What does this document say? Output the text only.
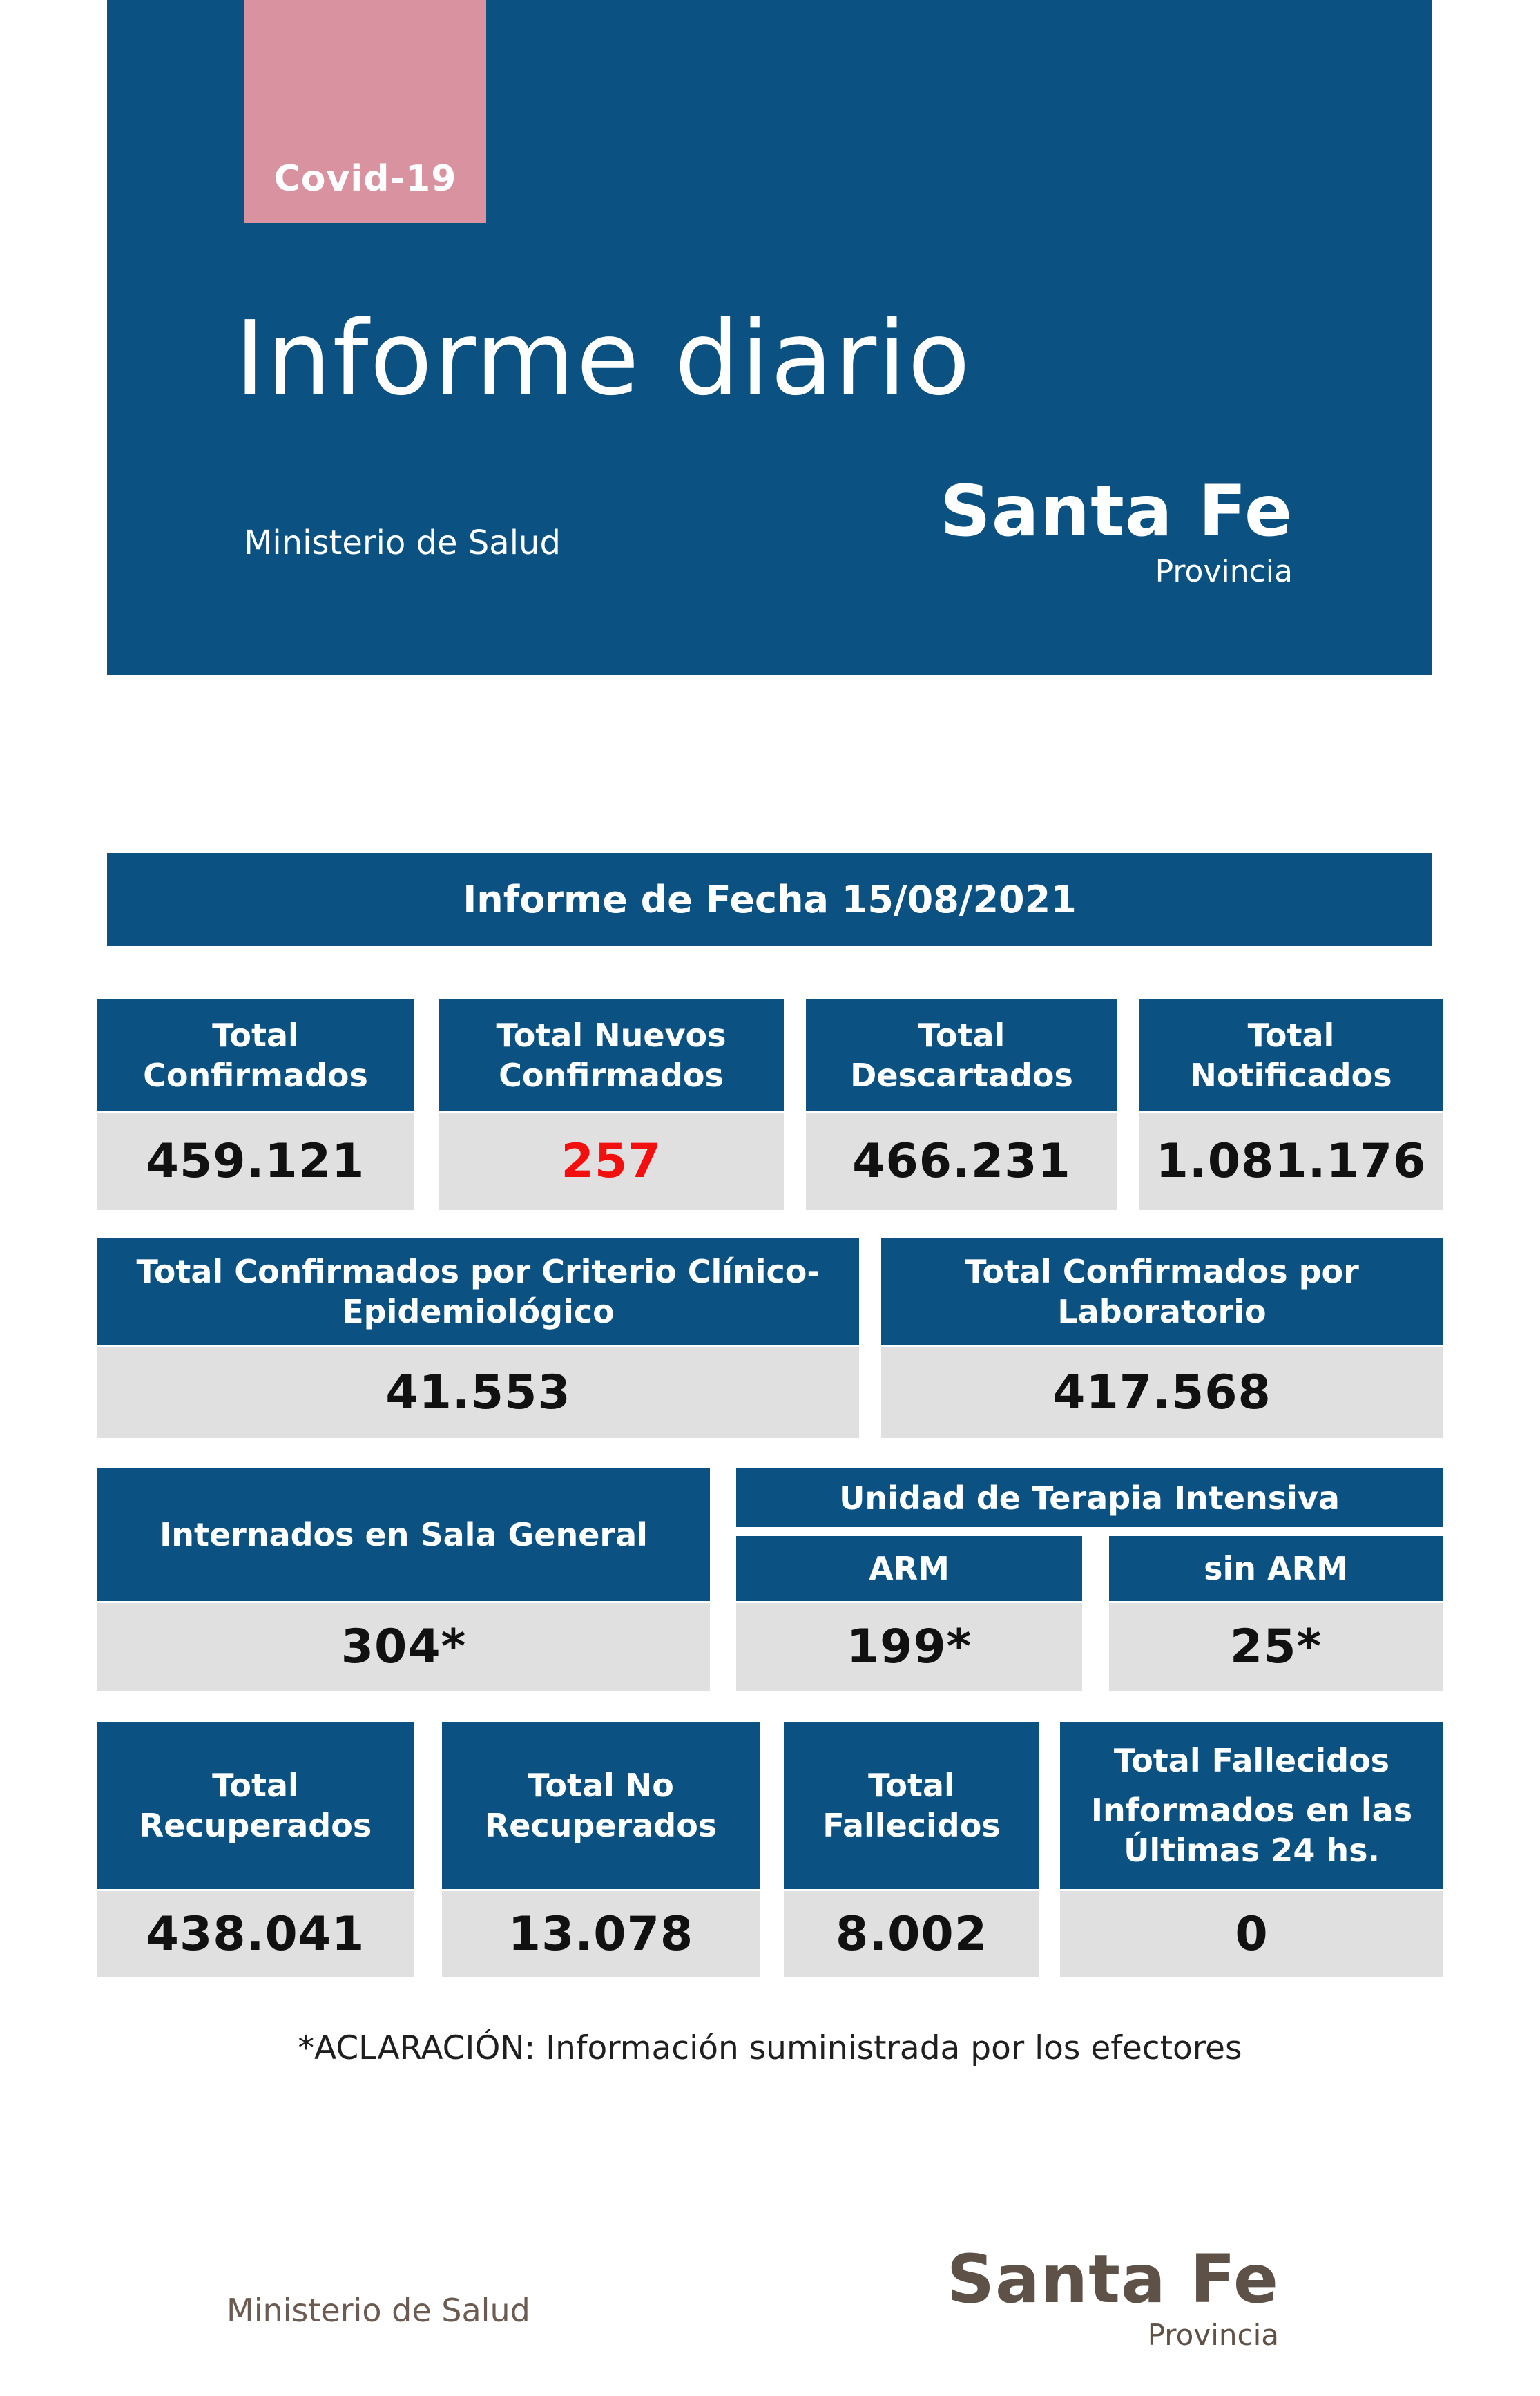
Covid-19
Informe diario
Ministerio de Salud	Santa Fe
Provincia
Informe de Fecha 15/08/2021
Total
Confirmados
459.121
Total Nuevos
Confirmados
257
Total
Descartados
466.231
Total
Notificados
1.081.176
Total Confirmados por Criterio Clínico-
Epidemiológico
41.553
Total Confirmados por
Laboratorio
417.568
Internados en Sala General
304*
Unidad de Terapia Intensiva
ARM
199*
sin ARM
25*
Total
Recuperados
438.041
Total No
Recuperados
13.078
Total
Fallecidos
8.002
Total Fallecidos
Informados en las
Últimas 24 hs.
0
*ACLARACIÓN: Información suministrada por los efectores
Ministerio de Salud	Santa Fe
Provincia
